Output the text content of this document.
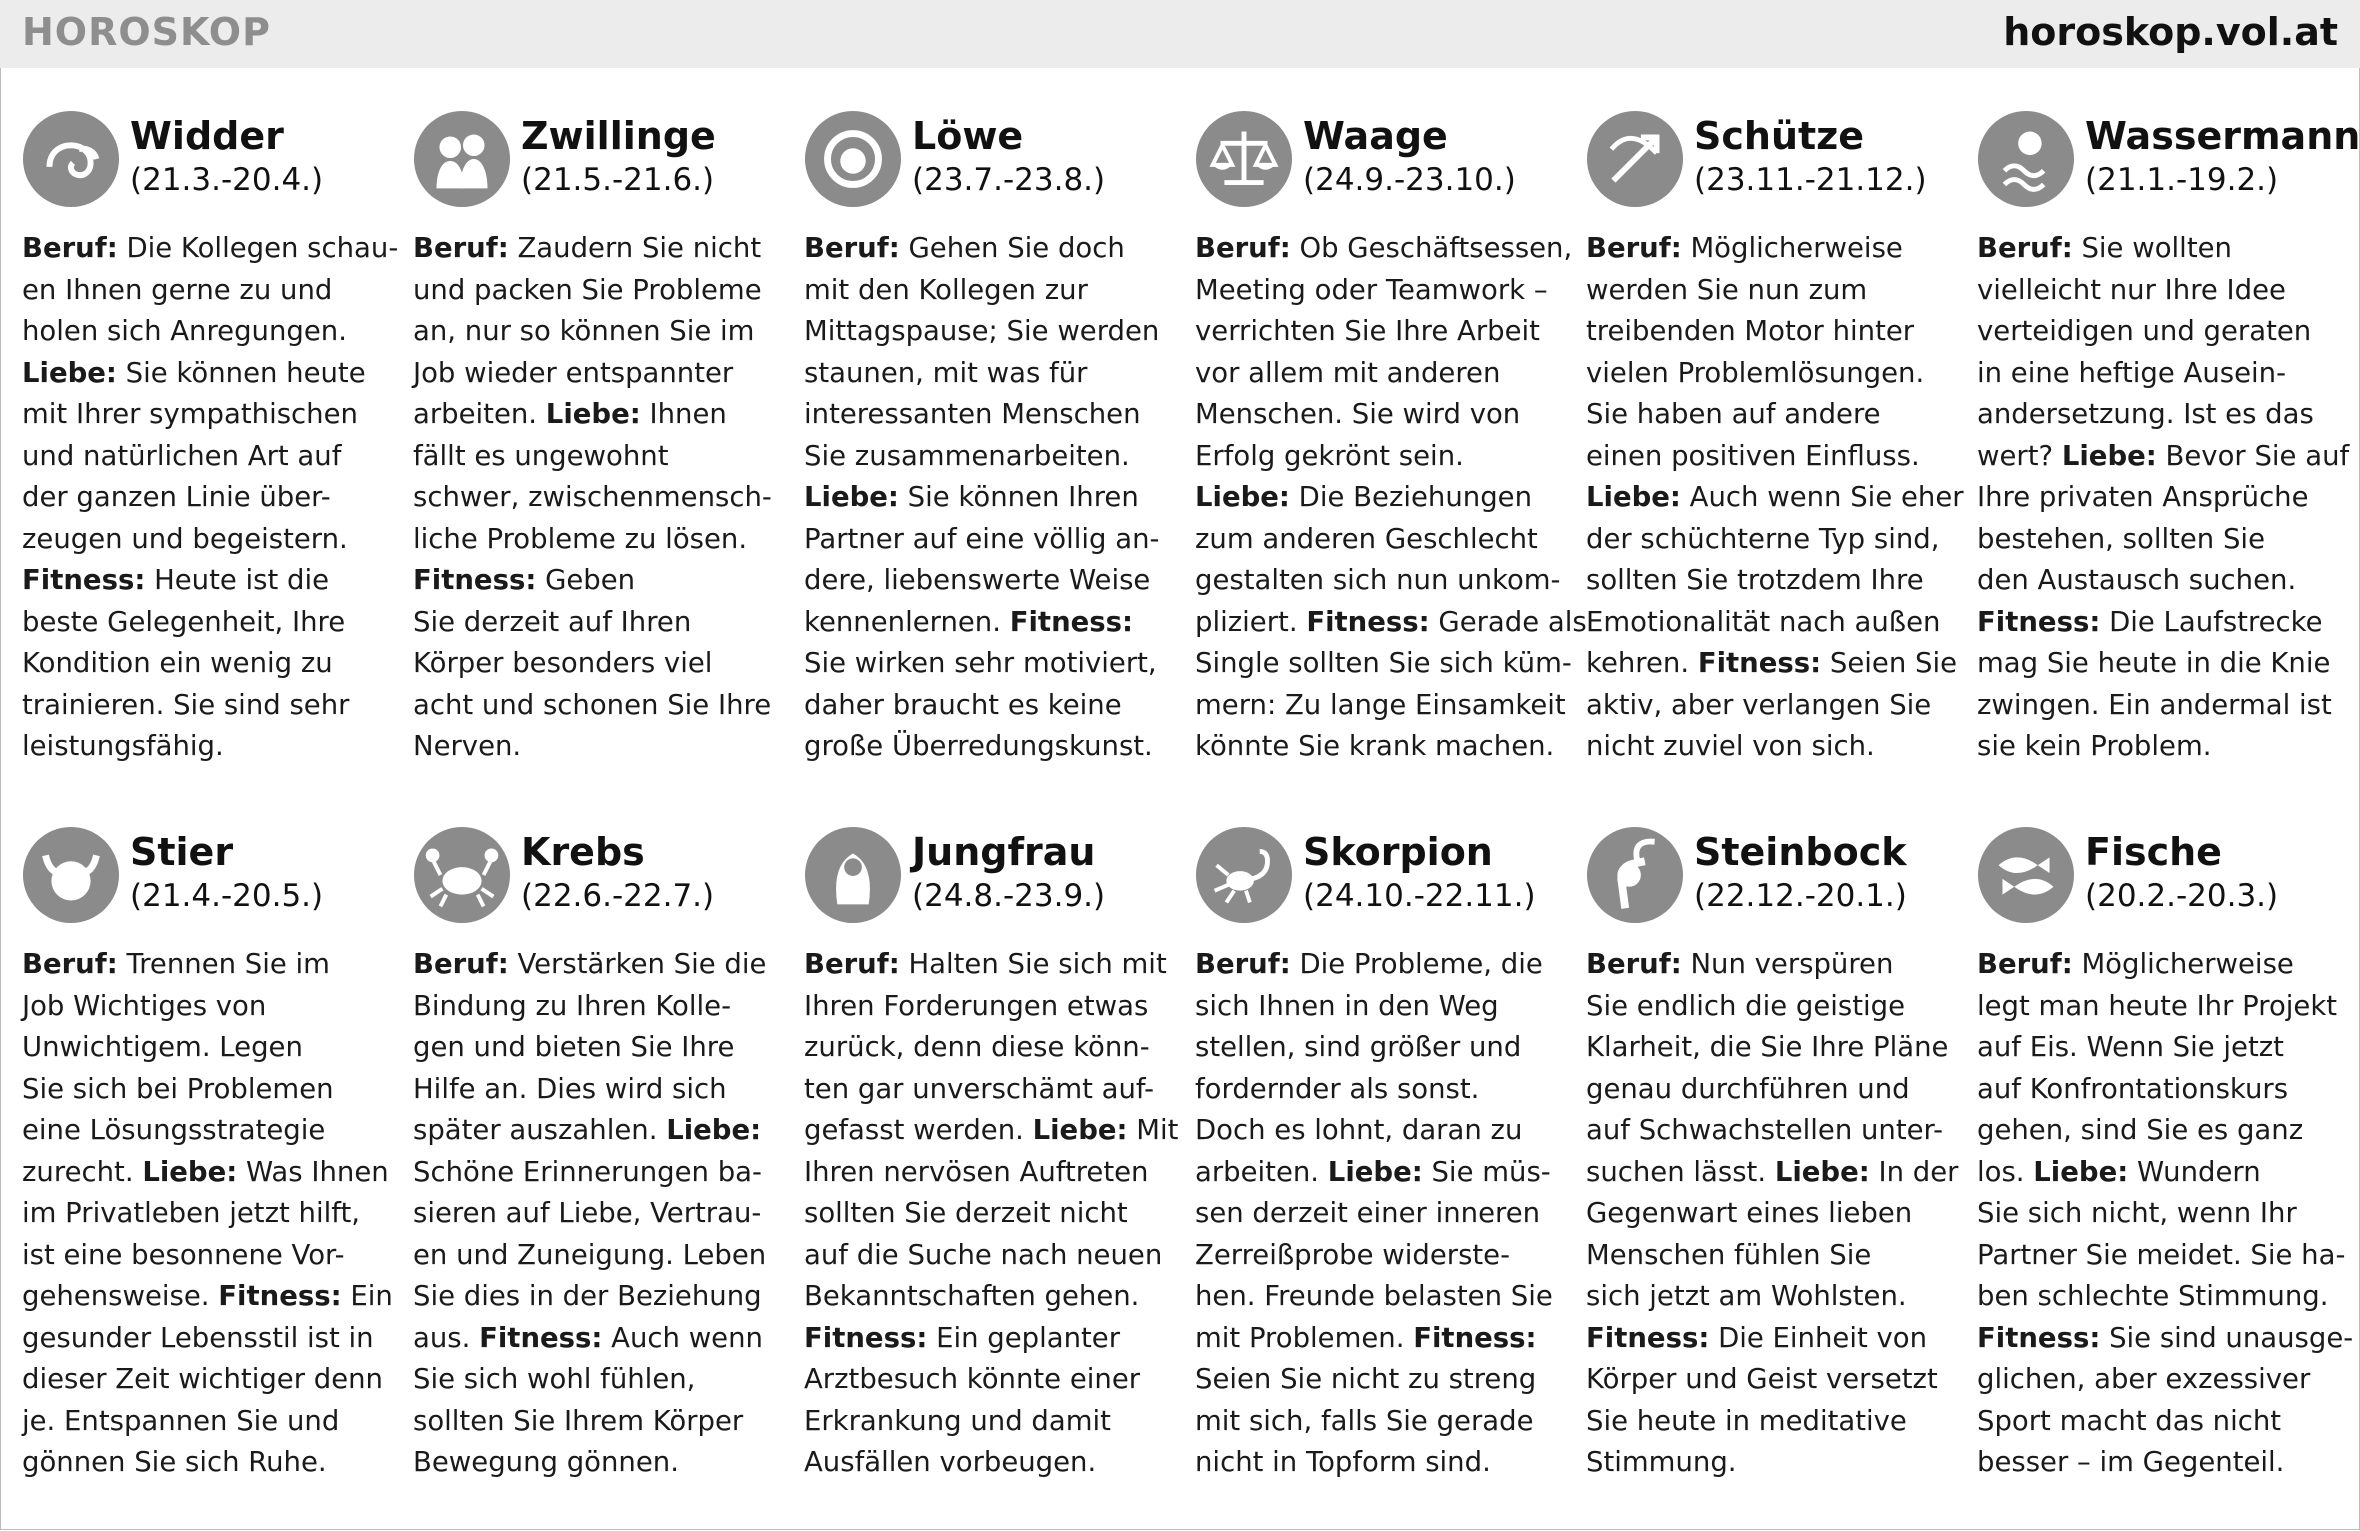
HOROSKOP	horoskop.vol.at
Widder
(21.3.-20.4.)
Beruf: Die Kollegen schau-
en Ihnen gerne zu und
holen sich Anregungen.
Liebe: Sie können heute
mit Ihrer sympathischen
und natürlichen Art auf
der ganzen Linie über-
zeugen und begeistern.
Fitness: Heute ist die
beste Gelegenheit, Ihre
Kondition ein wenig zu
trainieren. Sie sind sehr
leistungsfähig.
Zwillinge
(21.5.-21.6.)
Beruf: Zaudern Sie nicht
und packen Sie Probleme
an, nur so können Sie im
Job wieder entspannter
arbeiten. Liebe: Ihnen
fällt es ungewohnt
schwer, zwischenmensch-
liche Probleme zu lösen.
Fitness: Geben
Sie derzeit auf Ihren
Körper besonders viel
acht und schonen Sie Ihre
Nerven.
Löwe
(23.7.-23.8.)
Beruf: Gehen Sie doch
mit den Kollegen zur
Mittagspause; Sie werden
staunen, mit was für
interessanten Menschen
Sie zusammenarbeiten.
Liebe: Sie können Ihren
Partner auf eine völlig an-
dere, liebenswerte Weise
kennenlernen. Fitness:
Sie wirken sehr motiviert,
daher braucht es keine
große Überredungskunst.
Waage
(24.9.-23.10.)
Beruf: Ob Geschäftsessen,
Meeting oder Teamwork –
verrichten Sie Ihre Arbeit
vor allem mit anderen
Menschen. Sie wird von
Erfolg gekrönt sein.
Liebe: Die Beziehungen
zum anderen Geschlecht
gestalten sich nun unkom-
pliziert. Fitness: Gerade als
Single sollten Sie sich küm-
mern: Zu lange Einsamkeit
könnte Sie krank machen.
Schütze
(23.11.-21.12.)
Beruf: Möglicherweise
werden Sie nun zum
treibenden Motor hinter
vielen Problemlösungen.
Sie haben auf andere
einen positiven Einfluss.
Liebe: Auch wenn Sie eher
der schüchterne Typ sind,
sollten Sie trotzdem Ihre
Emotionalität nach außen
kehren. Fitness: Seien Sie
aktiv, aber verlangen Sie
nicht zuviel von sich.
Wassermann
(21.1.-19.2.)
Beruf: Sie wollten
vielleicht nur Ihre Idee
verteidigen und geraten
in eine heftige Ausein-
andersetzung. Ist es das
wert? Liebe: Bevor Sie auf
Ihre privaten Ansprüche
bestehen, sollten Sie
den Austausch suchen.
Fitness: Die Laufstrecke
mag Sie heute in die Knie
zwingen. Ein andermal ist
sie kein Problem.
Stier
(21.4.-20.5.)
Beruf: Trennen Sie im
Job Wichtiges von
Unwichtigem. Legen
Sie sich bei Problemen
eine Lösungsstrategie
zurecht. Liebe: Was Ihnen
im Privatleben jetzt hilft,
ist eine besonnene Vor-
gehensweise. Fitness: Ein
gesunder Lebensstil ist in
dieser Zeit wichtiger denn
je. Entspannen Sie und
gönnen Sie sich Ruhe.
Krebs
(22.6.-22.7.)
Beruf: Verstärken Sie die
Bindung zu Ihren Kolle-
gen und bieten Sie Ihre
Hilfe an. Dies wird sich
später auszahlen. Liebe:
Schöne Erinnerungen ba-
sieren auf Liebe, Vertrau-
en und Zuneigung. Leben
Sie dies in der Beziehung
aus. Fitness: Auch wenn
Sie sich wohl fühlen,
sollten Sie Ihrem Körper
Bewegung gönnen.
Jungfrau
(24.8.-23.9.)
Beruf: Halten Sie sich mit
Ihren Forderungen etwas
zurück, denn diese könn-
ten gar unverschämt auf-
gefasst werden. Liebe: Mit
Ihren nervösen Auftreten
sollten Sie derzeit nicht
auf die Suche nach neuen
Bekanntschaften gehen.
Fitness: Ein geplanter
Arztbesuch könnte einer
Erkrankung und damit
Ausfällen vorbeugen.
Skorpion
(24.10.-22.11.)
Beruf: Die Probleme, die
sich Ihnen in den Weg
stellen, sind größer und
fordernder als sonst.
Doch es lohnt, daran zu
arbeiten. Liebe: Sie müs-
sen derzeit einer inneren
Zerreißprobe widerste-
hen. Freunde belasten Sie
mit Problemen. Fitness:
Seien Sie nicht zu streng
mit sich, falls Sie gerade
nicht in Topform sind.
Steinbock
(22.12.-20.1.)
Beruf: Nun verspüren
Sie endlich die geistige
Klarheit, die Sie Ihre Pläne
genau durchführen und
auf Schwachstellen unter-
suchen lässt. Liebe: In der
Gegenwart eines lieben
Menschen fühlen Sie
sich jetzt am Wohlsten.
Fitness: Die Einheit von
Körper und Geist versetzt
Sie heute in meditative
Stimmung.
Fische
(20.2.-20.3.)
Beruf: Möglicherweise
legt man heute Ihr Projekt
auf Eis. Wenn Sie jetzt
auf Konfrontationskurs
gehen, sind Sie es ganz
los. Liebe: Wundern
Sie sich nicht, wenn Ihr
Partner Sie meidet. Sie ha-
ben schlechte Stimmung.
Fitness: Sie sind unausge-
glichen, aber exzessiver
Sport macht das nicht
besser – im Gegenteil.
